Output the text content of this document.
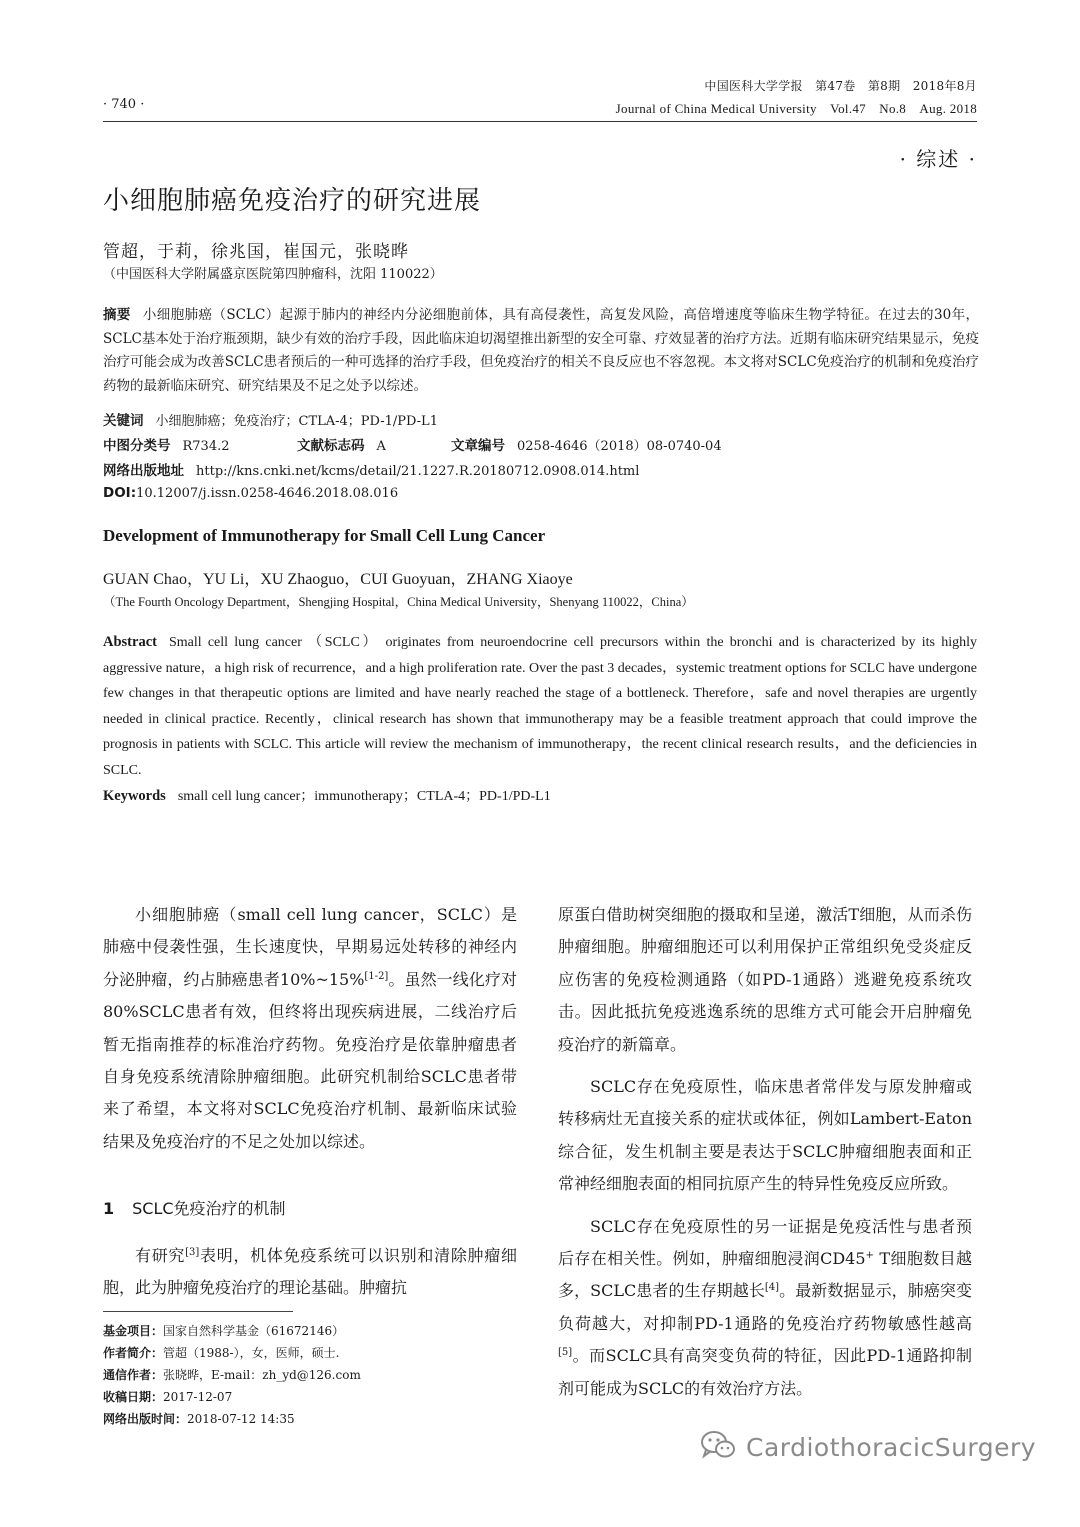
中国医科大学学报　第47卷　第8期　2018年8月
· 740 ·	Journal of China Medical University　Vol.47　No.8　Aug. 2018
· 综述 ·
小细胞肺癌免疫治疗的研究进展
管超，于莉，徐兆国，崔国元，张晓晔
（中国医科大学附属盛京医院第四肿瘤科，沈阳 110022）
摘要 小细胞肺癌（SCLC）起源于肺内的神经内分泌细胞前体，具有高侵袭性，高复发风险，高倍增速度等临床生物学特征。在过去的30年，SCLC基本处于治疗瓶颈期，缺少有效的治疗手段，因此临床迫切渴望推出新型的安全可靠、疗效显著的治疗方法。近期有临床研究结果显示，免疫治疗可能会成为改善SCLC患者预后的一种可选择的治疗手段，但免疫治疗的相关不良反应也不容忽视。本文将对SCLC免疫治疗的机制和免疫治疗药物的最新临床研究、研究结果及不足之处予以综述。
关键词 小细胞肺癌；免疫治疗；CTLA-4；PD-1/PD-L1
中图分类号 R734.2	文献标志码 A	文章编号 0258-4646（2018）08-0740-04
网络出版地址 http://kns.cnki.net/kcms/detail/21.1227.R.20180712.0908.014.html
DOI:10.12007/j.issn.0258-4646.2018.08.016
Development of Immunotherapy for Small Cell Lung Cancer
GUAN Chao，YU Li，XU Zhaoguo，CUI Guoyuan，ZHANG Xiaoye
（The Fourth Oncology Department，Shengjing Hospital，China Medical University，Shenyang 110022，China）
Abstract Small cell lung cancer （SCLC） originates from neuroendocrine cell precursors within the bronchi and is characterized by its highly aggressive nature，a high risk of recurrence，and a high proliferation rate. Over the past 3 decades，systemic treatment options for SCLC have undergone few changes in that therapeutic options are limited and have nearly reached the stage of a bottleneck. Therefore，safe and novel therapies are urgently needed in clinical practice. Recently，clinical research has shown that immunotherapy may be a feasible treatment approach that could improve the prognosis in patients with SCLC. This article will review the mechanism of immunotherapy，the recent clinical research results，and the deficiencies in SCLC.
Keywords small cell lung cancer；immunotherapy；CTLA-4；PD-1/PD-L1

小细胞肺癌（small cell lung cancer，SCLC）是肺癌中侵袭性强，生长速度快，早期易远处转移的神经内分泌肿瘤，约占肺癌患者10%~15%[1-2]。虽然一线化疗对80%SCLC患者有效，但终将出现疾病进展，二线治疗后暂无指南推荐的标准治疗药物。免疫治疗是依靠肿瘤患者自身免疫系统清除肿瘤细胞。此研究机制给SCLC患者带来了希望，本文将对SCLC免疫治疗机制、最新临床试验结果及免疫治疗的不足之处加以综述。

1 SCLC免疫治疗的机制

有研究[3]表明，机体免疫系统可以识别和清除肿瘤细胞，此为肿瘤免疫治疗的理论基础。肿瘤抗

原蛋白借助树突细胞的摄取和呈递，激活T细胞，从而杀伤肿瘤细胞。肿瘤细胞还可以利用保护正常组织免受炎症反应伤害的免疫检测通路（如PD-1通路）逃避免疫系统攻击。因此抵抗免疫逃逸系统的思维方式可能会开启肿瘤免疫治疗的新篇章。

SCLC存在免疫原性，临床患者常伴发与原发肿瘤或转移病灶无直接关系的症状或体征，例如Lambert-Eaton综合征，发生机制主要是表达于SCLC肿瘤细胞表面和正常神经细胞表面的相同抗原产生的特异性免疫反应所致。

SCLC存在免疫原性的另一证据是免疫活性与患者预后存在相关性。例如，肿瘤细胞浸润CD45+ T细胞数目越多，SCLC患者的生存期越长[4]。最新数据显示，肺癌突变负荷越大，对抑制PD-1通路的免疫治疗药物敏感性越高[5]。而SCLC具有高突变负荷的特征，因此PD-1通路抑制剂可能成为SCLC的有效治疗方法。

基金项目：国家自然科学基金（61672146）
作者简介：管超（1988-），女，医师，硕士.
通信作者：张晓晔，E-mail：zh_yd@126.com
收稿日期：2017-12-07
网络出版时间：2018-07-12 14:35
CardiothoracicSurgery
